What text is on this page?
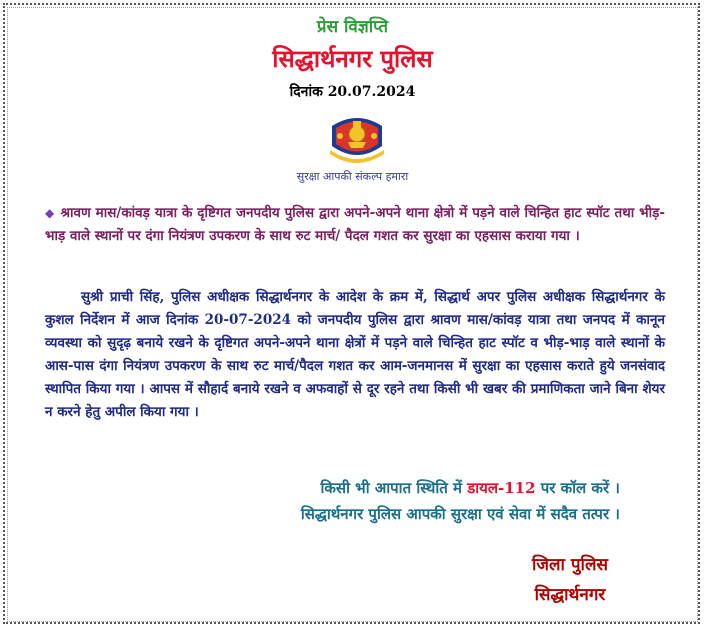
प्रेस विज्ञप्ति
सिद्धार्थनगर पुलिस
दिनांक 20.07.2024
सुरक्षा आपकी संकल्प हमारा
◆ श्रावण मास/कांवड़ यात्रा के दृष्टिगत जनपदीय पुलिस द्वारा अपने-अपने थाना क्षेत्रो में पड़ने वाले चिन्हित हाट स्पॉट तथा भीड़-भाड़ वाले स्थानों पर दंगा नियंत्रण उपकरण के साथ रुट मार्च/ पैदल गशत कर सुरक्षा का एहसास कराया गया ।
सुश्री प्राची सिंह, पुलिस अधीक्षक सिद्धार्थनगर के आदेश के क्रम में, सिद्धार्थ अपर पुलिस अधीक्षक सिद्धार्थनगर के कुशल निर्देशन में आज दिनांक 20-07-2024 को जनपदीय पुलिस द्वारा श्रावण मास/कांवड़ यात्रा तथा जनपद में कानून व्यवस्था को सुदृढ़ बनाये रखने के दृष्टिगत अपने-अपने थाना क्षेत्रों में पड़ने वाले चिन्हित हाट स्पॉट व भीड़-भाड़ वाले स्थानों के आस-पास दंगा नियंत्रण उपकरण के साथ रुट मार्च/पैदल गशत कर आम-जनमानस में सुरक्षा का एहसास कराते हुये जनसंवाद स्थापित किया गया । आपस में सौहार्द बनाये रखने व अफवाहों से दूर रहने तथा किसी भी खबर की प्रमाणिकता जाने बिना शेयर न करने हेतु अपील किया गया ।
किसी भी आपात स्थिति में डायल-112 पर कॉल करें ।
सिद्धार्थनगर पुलिस आपकी सुरक्षा एवं सेवा में सदैव तत्पर ।
जिला पुलिस
सिद्धार्थनगर
